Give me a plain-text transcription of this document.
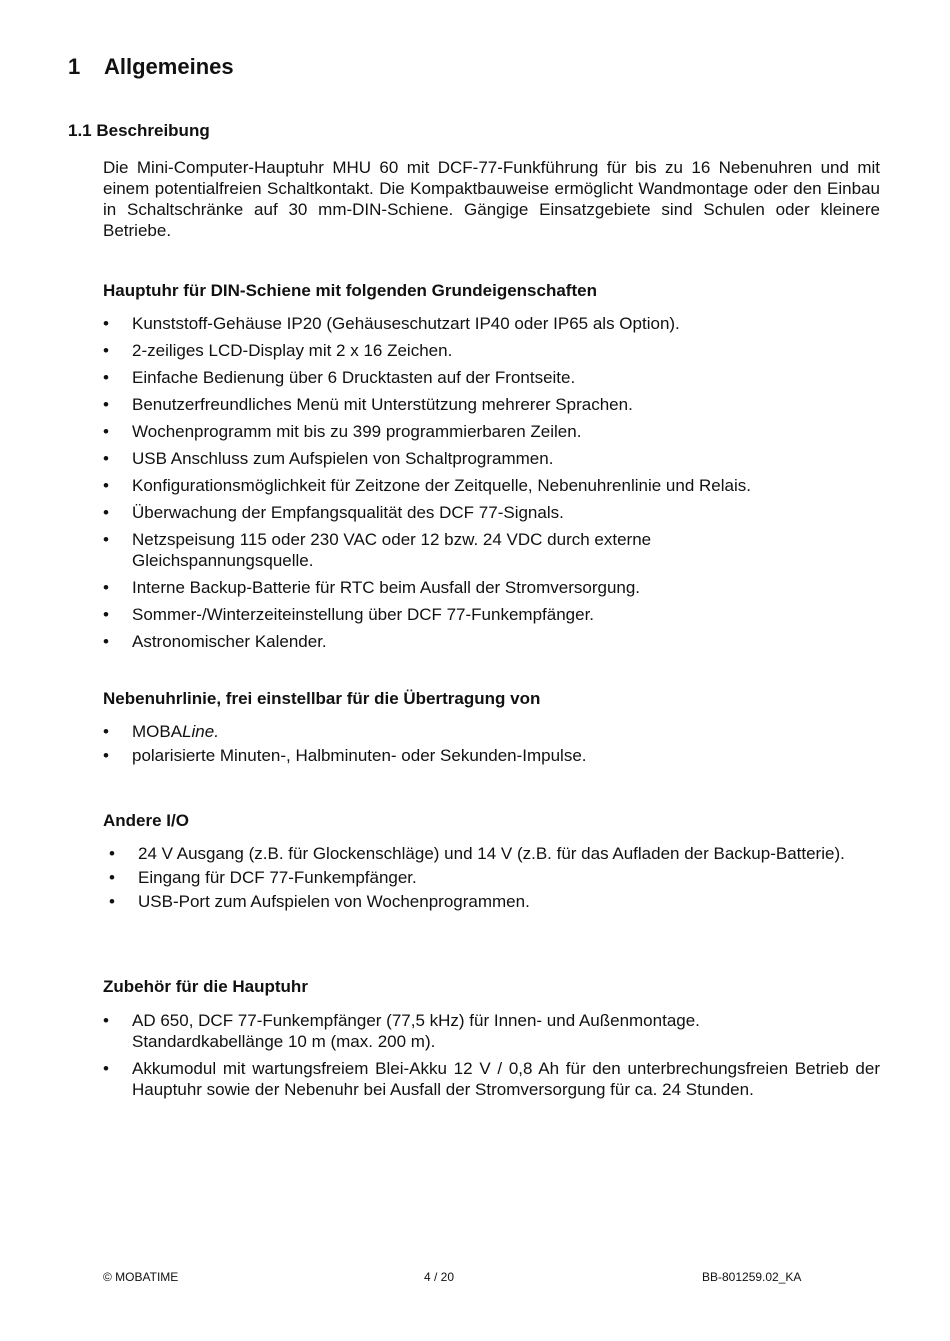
1 Allgemeines
1.1 Beschreibung
Die Mini-Computer-Hauptuhr MHU 60 mit DCF-77-Funkführung für bis zu 16 Nebenuhren und mit einem potentialfreien Schaltkontakt. Die Kompaktbauweise ermöglicht Wandmontage oder den Einbau in Schaltschränke auf 30 mm-DIN-Schiene. Gängige Einsatzgebiete sind Schulen oder kleinere Betriebe.
Hauptuhr für DIN-Schiene mit folgenden Grundeigenschaften
• Kunststoff-Gehäuse IP20 (Gehäuseschutzart IP40 oder IP65 als Option).
• 2-zeiliges LCD-Display mit 2 x 16 Zeichen.
• Einfache Bedienung über 6 Drucktasten auf der Frontseite.
• Benutzerfreundliches Menü mit Unterstützung mehrerer Sprachen.
• Wochenprogramm mit bis zu 399 programmierbaren Zeilen.
• USB Anschluss zum Aufspielen von Schaltprogrammen.
• Konfigurationsmöglichkeit für Zeitzone der Zeitquelle, Nebenuhrenlinie und Relais.
• Überwachung der Empfangsqualität des DCF 77-Signals.
• Netzspeisung 115 oder 230 VAC oder 12 bzw. 24 VDC durch externe Gleichspannungsquelle.
• Interne Backup-Batterie für RTC beim Ausfall der Stromversorgung.
• Sommer-/Winterzeiteinstellung über DCF 77-Funkempfänger.
• Astronomischer Kalender.
Nebenuhrlinie, frei einstellbar für die Übertragung von
• MOBALine.
• polarisierte Minuten-, Halbminuten- oder Sekunden-Impulse.
Andere I/O
• 24 V Ausgang (z.B. für Glockenschläge) und 14 V (z.B. für das Aufladen der Backup-Batterie).
• Eingang für DCF 77-Funkempfänger.
• USB-Port zum Aufspielen von Wochenprogrammen.
Zubehör für die Hauptuhr
• AD 650, DCF 77-Funkempfänger (77,5 kHz) für Innen- und Außenmontage.
Standardkabellänge 10 m (max. 200 m).
• Akkumodul mit wartungsfreiem Blei-Akku 12 V / 0,8 Ah für den unterbrechungsfreien Betrieb der Hauptuhr sowie der Nebenuhr bei Ausfall der Stromversorgung für ca. 24 Stunden.
© MOBATIME	4 / 20	BB-801259.02_KA
